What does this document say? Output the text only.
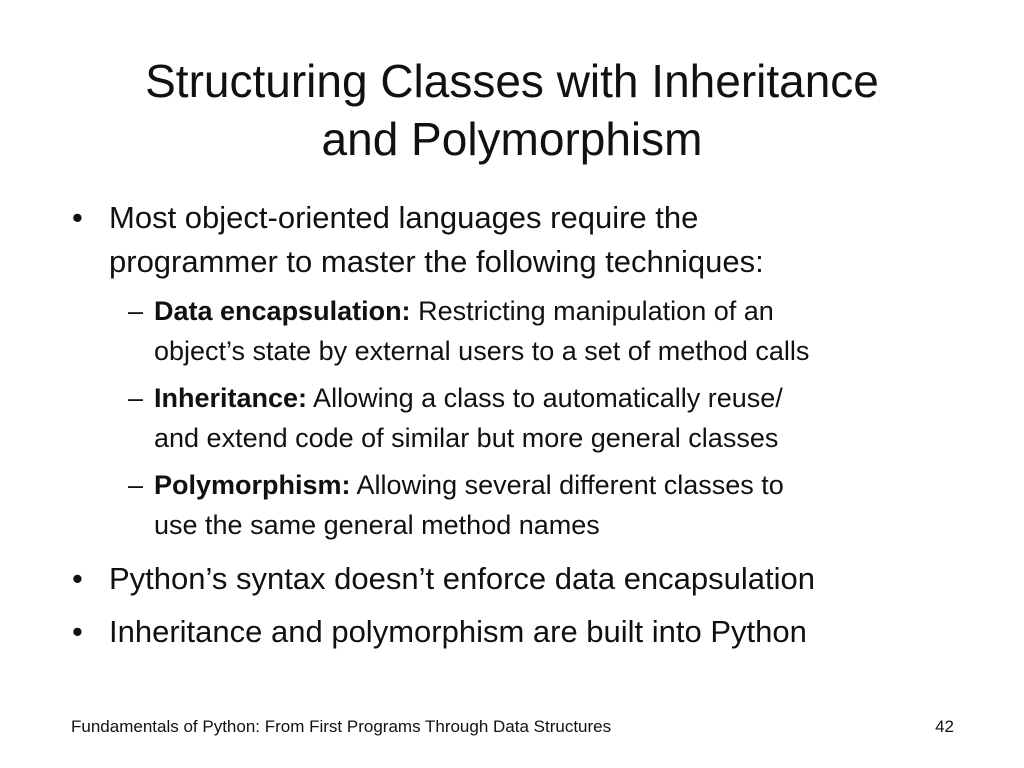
Structuring Classes with Inheritance
and Polymorphism
• Most object-oriented languages require the
programmer to master the following techniques:
– Data encapsulation: Restricting manipulation of an
object’s state by external users to a set of method calls
– Inheritance: Allowing a class to automatically reuse/
and extend code of similar but more general classes
– Polymorphism: Allowing several different classes to
use the same general method names
• Python’s syntax doesn’t enforce data encapsulation
• Inheritance and polymorphism are built into Python
Fundamentals of Python: From First Programs Through Data Structures	42
